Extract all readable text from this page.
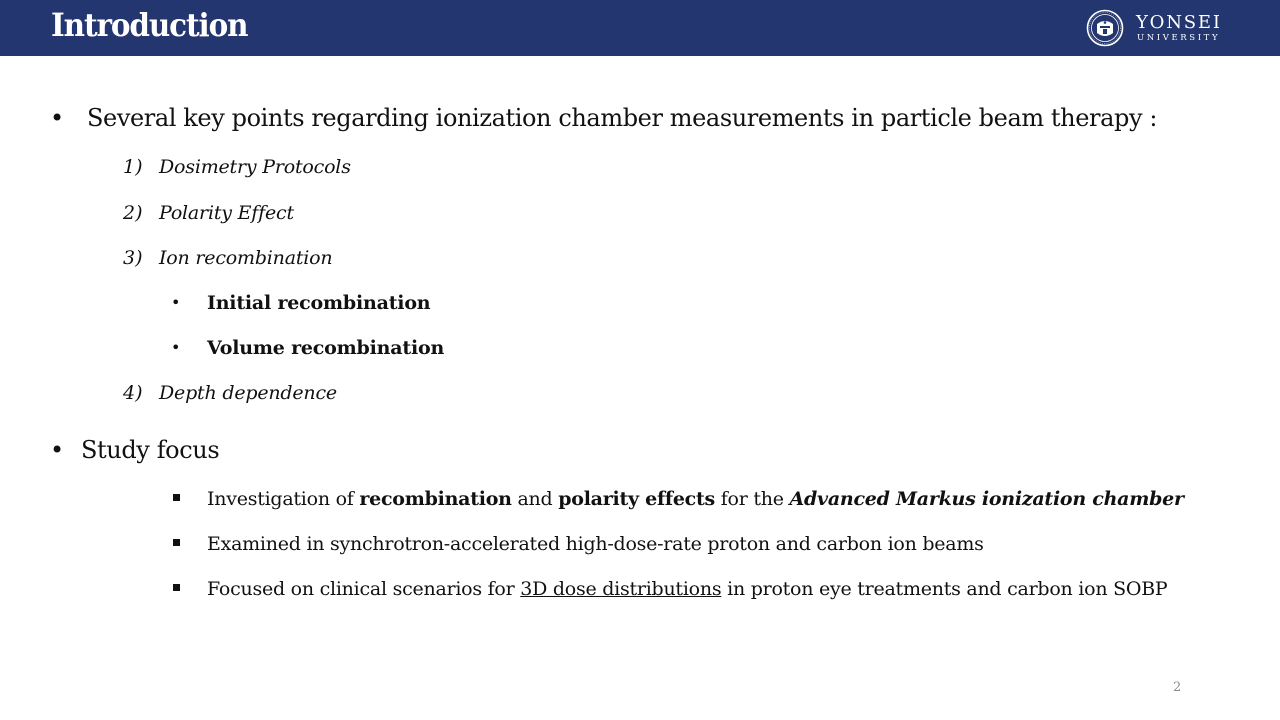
Introduction	YONSEI
UNIVERSITY
• Several key points regarding ionization chamber measurements in particle beam therapy :
1) Dosimetry Protocols
2) Polarity Effect
3) Ion recombination
• Initial recombination
• Volume recombination
4) Depth dependence
• Study focus
Investigation of recombination and polarity effects for the Advanced Markus ionization chamber
Examined in synchrotron-accelerated high-dose-rate proton and carbon ion beams
Focused on clinical scenarios for 3D dose distributions in proton eye treatments and carbon ion SOBP
2
